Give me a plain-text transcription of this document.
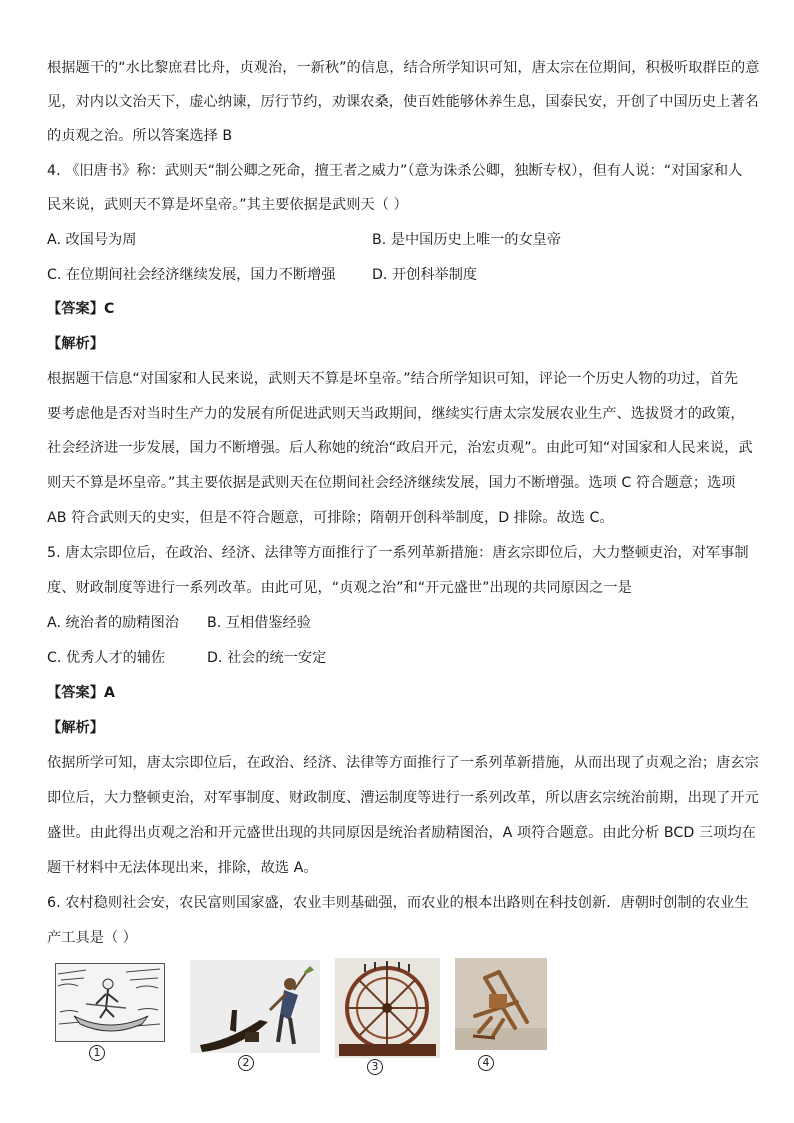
根据题干的“水比黎庶君比舟，贞观治，一新秋”的信息，结合所学知识可知，唐太宗在位期间，积极听取群臣的意
见，对内以文治天下，虚心纳谏，厉行节约，劝课农桑，使百姓能够休养生息，国泰民安，开创了中国历史上著名
的贞观之治。所以答案选择 B
4. 《旧唐书》称：武则天“制公卿之死命，擅王者之威力”（意为诛杀公卿，独断专权），但有人说：“对国家和人
民来说，武则天不算是坏皇帝。”其主要依据是武则天（ ）
A. 改国号为周	B. 是中国历史上唯一的女皇帝
C. 在位期间社会经济继续发展，国力不断增强	D. 开创科举制度
【答案】C
【解析】
根据题干信息“对国家和人民来说，武则天不算是坏皇帝。”结合所学知识可知，评论一个历史人物的功过，首先
要考虑他是否对当时生产力的发展有所促进武则天当政期间，继续实行唐太宗发展农业生产、选拔贤才的政策，
社会经济进一步发展，国力不断增强。后人称她的统治“政启开元，治宏贞观”。由此可知“对国家和人民来说，武
则天不算是坏皇帝。”其主要依据是武则天在位期间社会经济继续发展，国力不断增强。选项 C 符合题意；选项
AB 符合武则天的史实，但是不符合题意，可排除；隋朝开创科举制度，D 排除。故选 C。
5. 唐太宗即位后，在政治、经济、法律等方面推行了一系列革新措施：唐玄宗即位后，大力整顿吏治，对军事制
度、财政制度等进行一系列改革。由此可见，“贞观之治”和“开元盛世”出现的共同原因之一是
A. 统治者的励精图治 B. 互相借鉴经验
C. 优秀人才的辅佐	D. 社会的统一安定
【答案】A
【解析】
依据所学可知，唐太宗即位后，在政治、经济、法律等方面推行了一系列革新措施，从而出现了贞观之治；唐玄宗
即位后，大力整顿吏治，对军事制度、财政制度、漕运制度等进行一系列改革，所以唐玄宗统治前期，出现了开元
盛世。由此得出贞观之治和开元盛世出现的共同原因是统治者励精图治，A 项符合题意。由此分析 BCD 三项均在
题干材料中无法体现出来，排除，故选 A。
6. 农村稳则社会安，农民富则国家盛，农业丰则基础强，而农业的根本出路则在科技创新．唐朝时创制的农业生
产工具是（ ）
1
2	3	4
